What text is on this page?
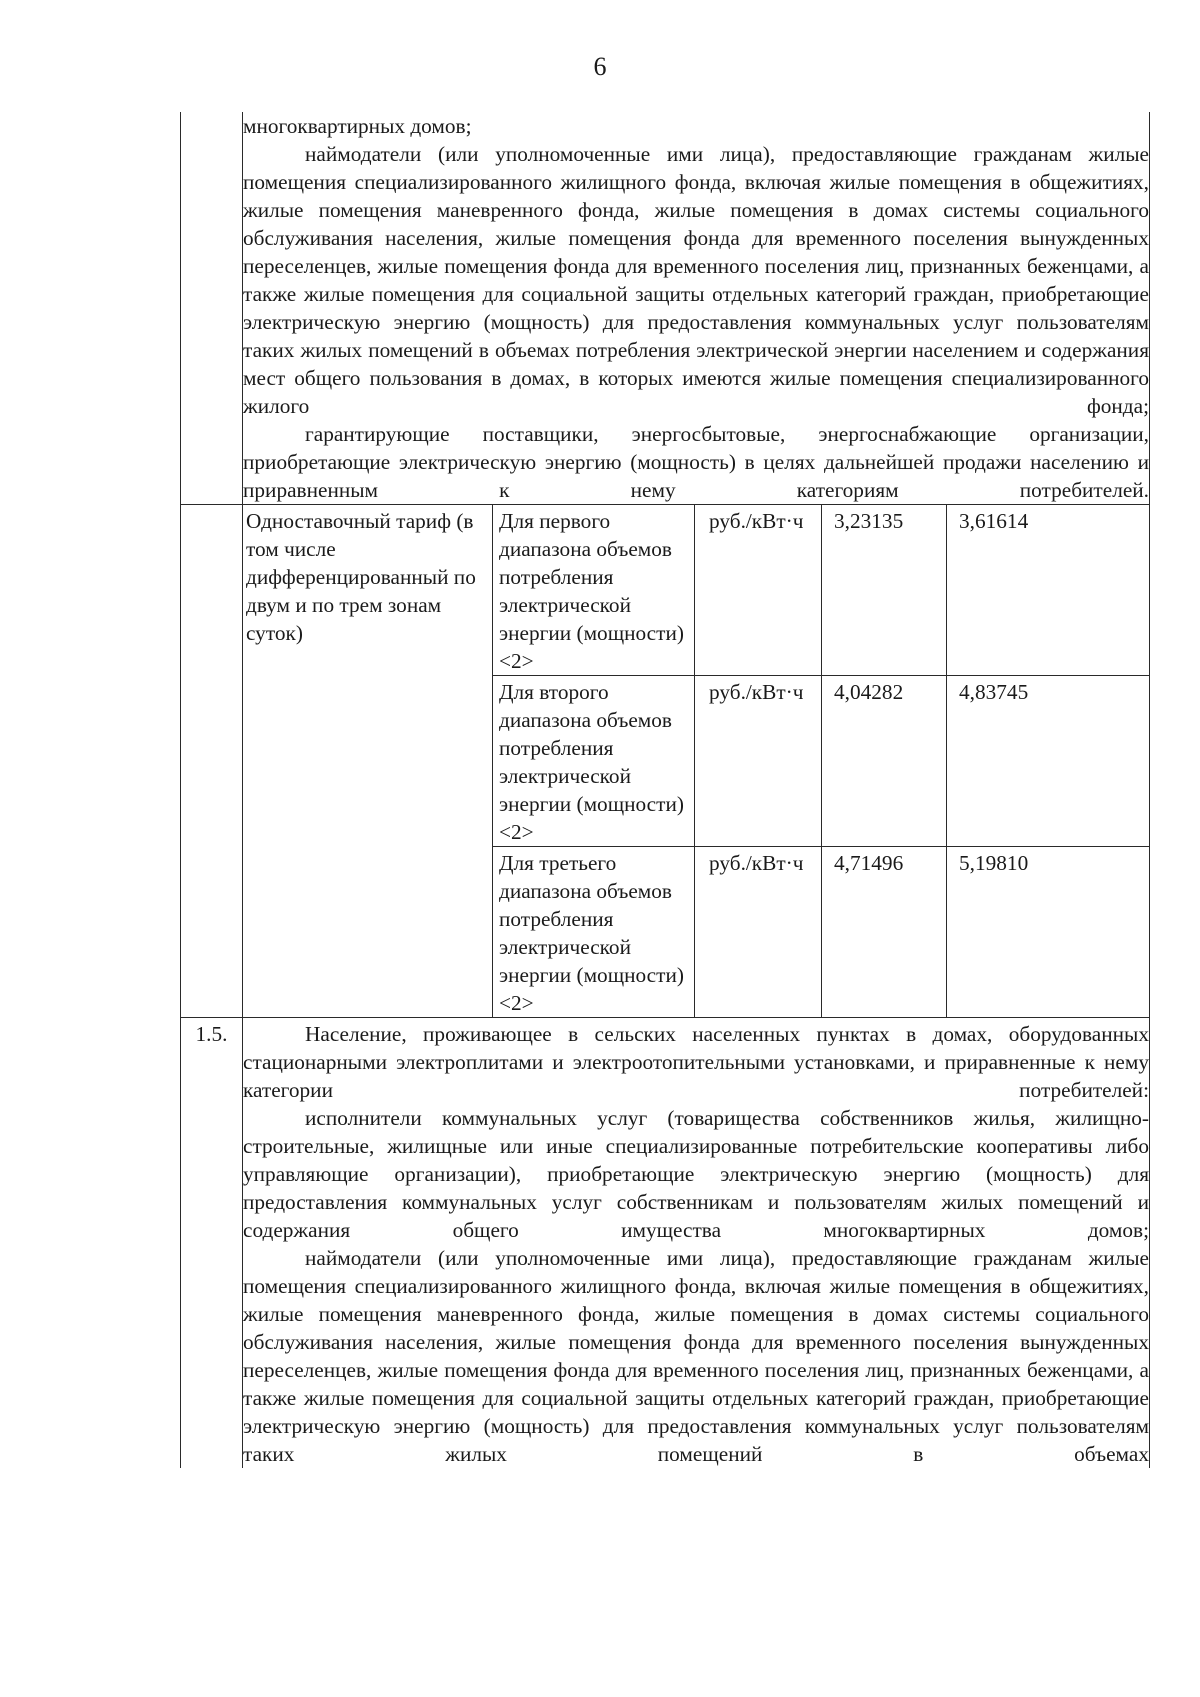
6

	многоквартирных домов;

наймодатели (или уполномоченные ими лица), предоставляющие гражданам жилые помещения специализированного жилищного фонда, включая жилые помещения в общежитиях, жилые помещения маневренного фонда, жилые помещения в домах системы социального обслуживания населения, жилые помещения фонда для временного поселения вынужденных переселенцев, жилые помещения фонда для временного поселения лиц, признанных беженцами, а также жилые помещения для социальной защиты отдельных категорий граждан, приобретающие электрическую энергию (мощность) для предоставления коммунальных услуг пользователям таких жилых помещений в объемах потребления электрической энергии населением и содержания мест общего пользования в домах, в которых имеются жилые помещения специализированного жилого фонда;

гарантирующие поставщики, энергосбытовые, энергоснабжающие организации, приобретающие электрическую энергию (мощность) в целях дальнейшей продажи населению и приравненным к нему категориям потребителей.				

	Одноставочный тариф (в том числе дифференцированный по двум и по трем зонам суток)	Для первого диапазона объемов потребления электрической энергии (мощности) <2>	руб./кВт·ч	3,23135	3,61614
		Для второго диапазона объемов потребления электрической энергии (мощности) <2>	руб./кВт·ч	4,04282	4,83745
		Для третьего диапазона объемов потребления электрической энергии (мощности) <2>	руб./кВт·ч	4,71496	5,19810

1.5.	Население, проживающее в сельских населенных пунктах в домах, оборудованных стационарными электроплитами и электроотопительными установками, и приравненные к нему категории потребителей:

исполнители коммунальных услуг (товарищества собственников жилья, жилищно-строительные, жилищные или иные специализированные потребительские кооперативы либо управляющие организации), приобретающие электрическую энергию (мощность) для предоставления коммунальных услуг собственникам и пользователям жилых помещений и содержания общего имущества многоквартирных домов;

наймодатели (или уполномоченные ими лица), предоставляющие гражданам жилые помещения специализированного жилищного фонда, включая жилые помещения в общежитиях, жилые помещения маневренного фонда, жилые помещения в домах системы социального обслуживания населения, жилые помещения фонда для временного поселения вынужденных переселенцев, жилые помещения фонда для временного поселения лиц, признанных беженцами, а также жилые помещения для социальной защиты отдельных категорий граждан, приобретающие электрическую энергию (мощность) для предоставления коммунальных услуг пользователям таких жилых помещений в объемах				
